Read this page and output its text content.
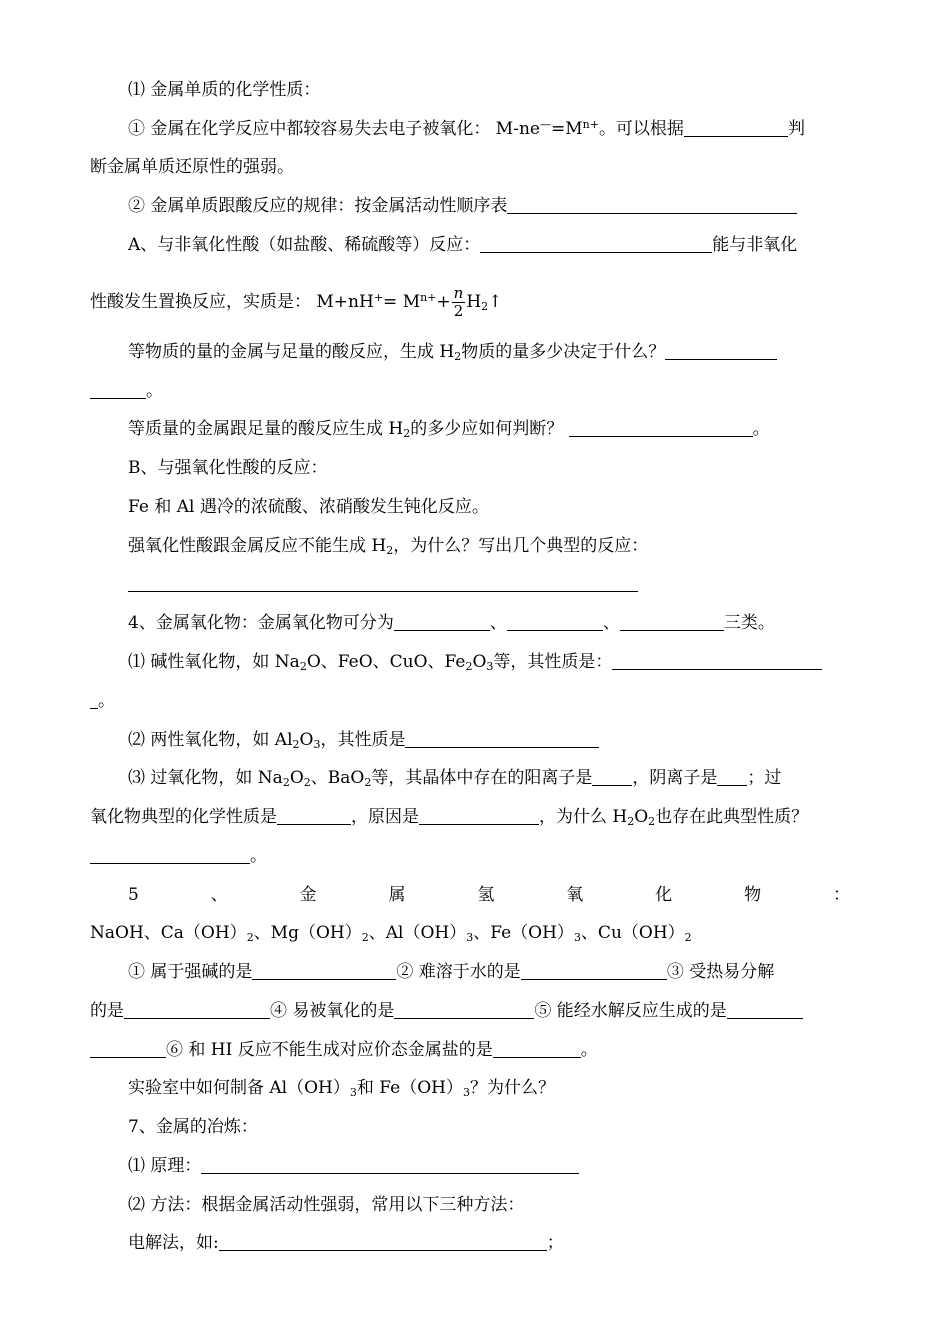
⑴ 金属单质的化学性质：
① 金属在化学反应中都较容易失去电子被氧化： $M-ne^—=M^{n+}$。可以根据	判
断金属单质还原性的强弱。
② 金属单质跟酸反应的规律：按金属活动性顺序表
A、与非氧化性酸（如盐酸、稀硫酸等）反应：	能与非氧化
性酸发生置换反应，实质是： $M+nH^+= M^{n+}+ \frac{n}{2}$ $H_2↑$
等物质的量的金属与足量的酸反应，生成 $H_2$物质的量多少决定于什么？
。
等质量的金属跟足量的酸反应生成 $H_2$的多少应如何判断？	。
B、与强氧化性酸的反应：
Fe 和 Al 遇冷的浓硫酸、浓硝酸发生钝化反应。
强氧化性酸跟金属反应不能生成 $H_2$，为什么？写出几个典型的反应：
4、金属氧化物：金属氧化物可分为	、	、	三类。
⑴ 碱性氧化物，如 $Na_2O$、FeO、CuO、$Fe_2O_3$等，其性质是：
。
⑵ 两性氧化物，如 $Al_2O_3$，其性质是
⑶ 过氧化物，如 $Na_2O_2$、BaO$_2$等，其晶体中存在的阳离子是 ，阴离子是 ；过
氧化物典型的化学性质是	，原因是	，为什么 $H_2O_2$也存在此典型性质？
。
5	、	金	属	氢	氧	化	物	：
NaOH、$Ca(OH)_2$、$Mg(OH)_2$、$Al(OH)_3$、$Fe(OH)_3$、$Cu(OH)_2$
① 属于强碱的是	② 难溶于水的是	③ 受热易分解
的是	④ 易被氧化的是	⑤ 能经水解反应生成的是
⑥ 和 HI 反应不能生成对应价态金属盐的是	。
实验室中如何制备 $Al(OH)_3$和 $Fe(OH)_3$？为什么？
7、金属的冶炼：
⑴ 原理：
⑵ 方法：根据金属活动性强弱，常用以下三种方法：
电解法，如:	；
